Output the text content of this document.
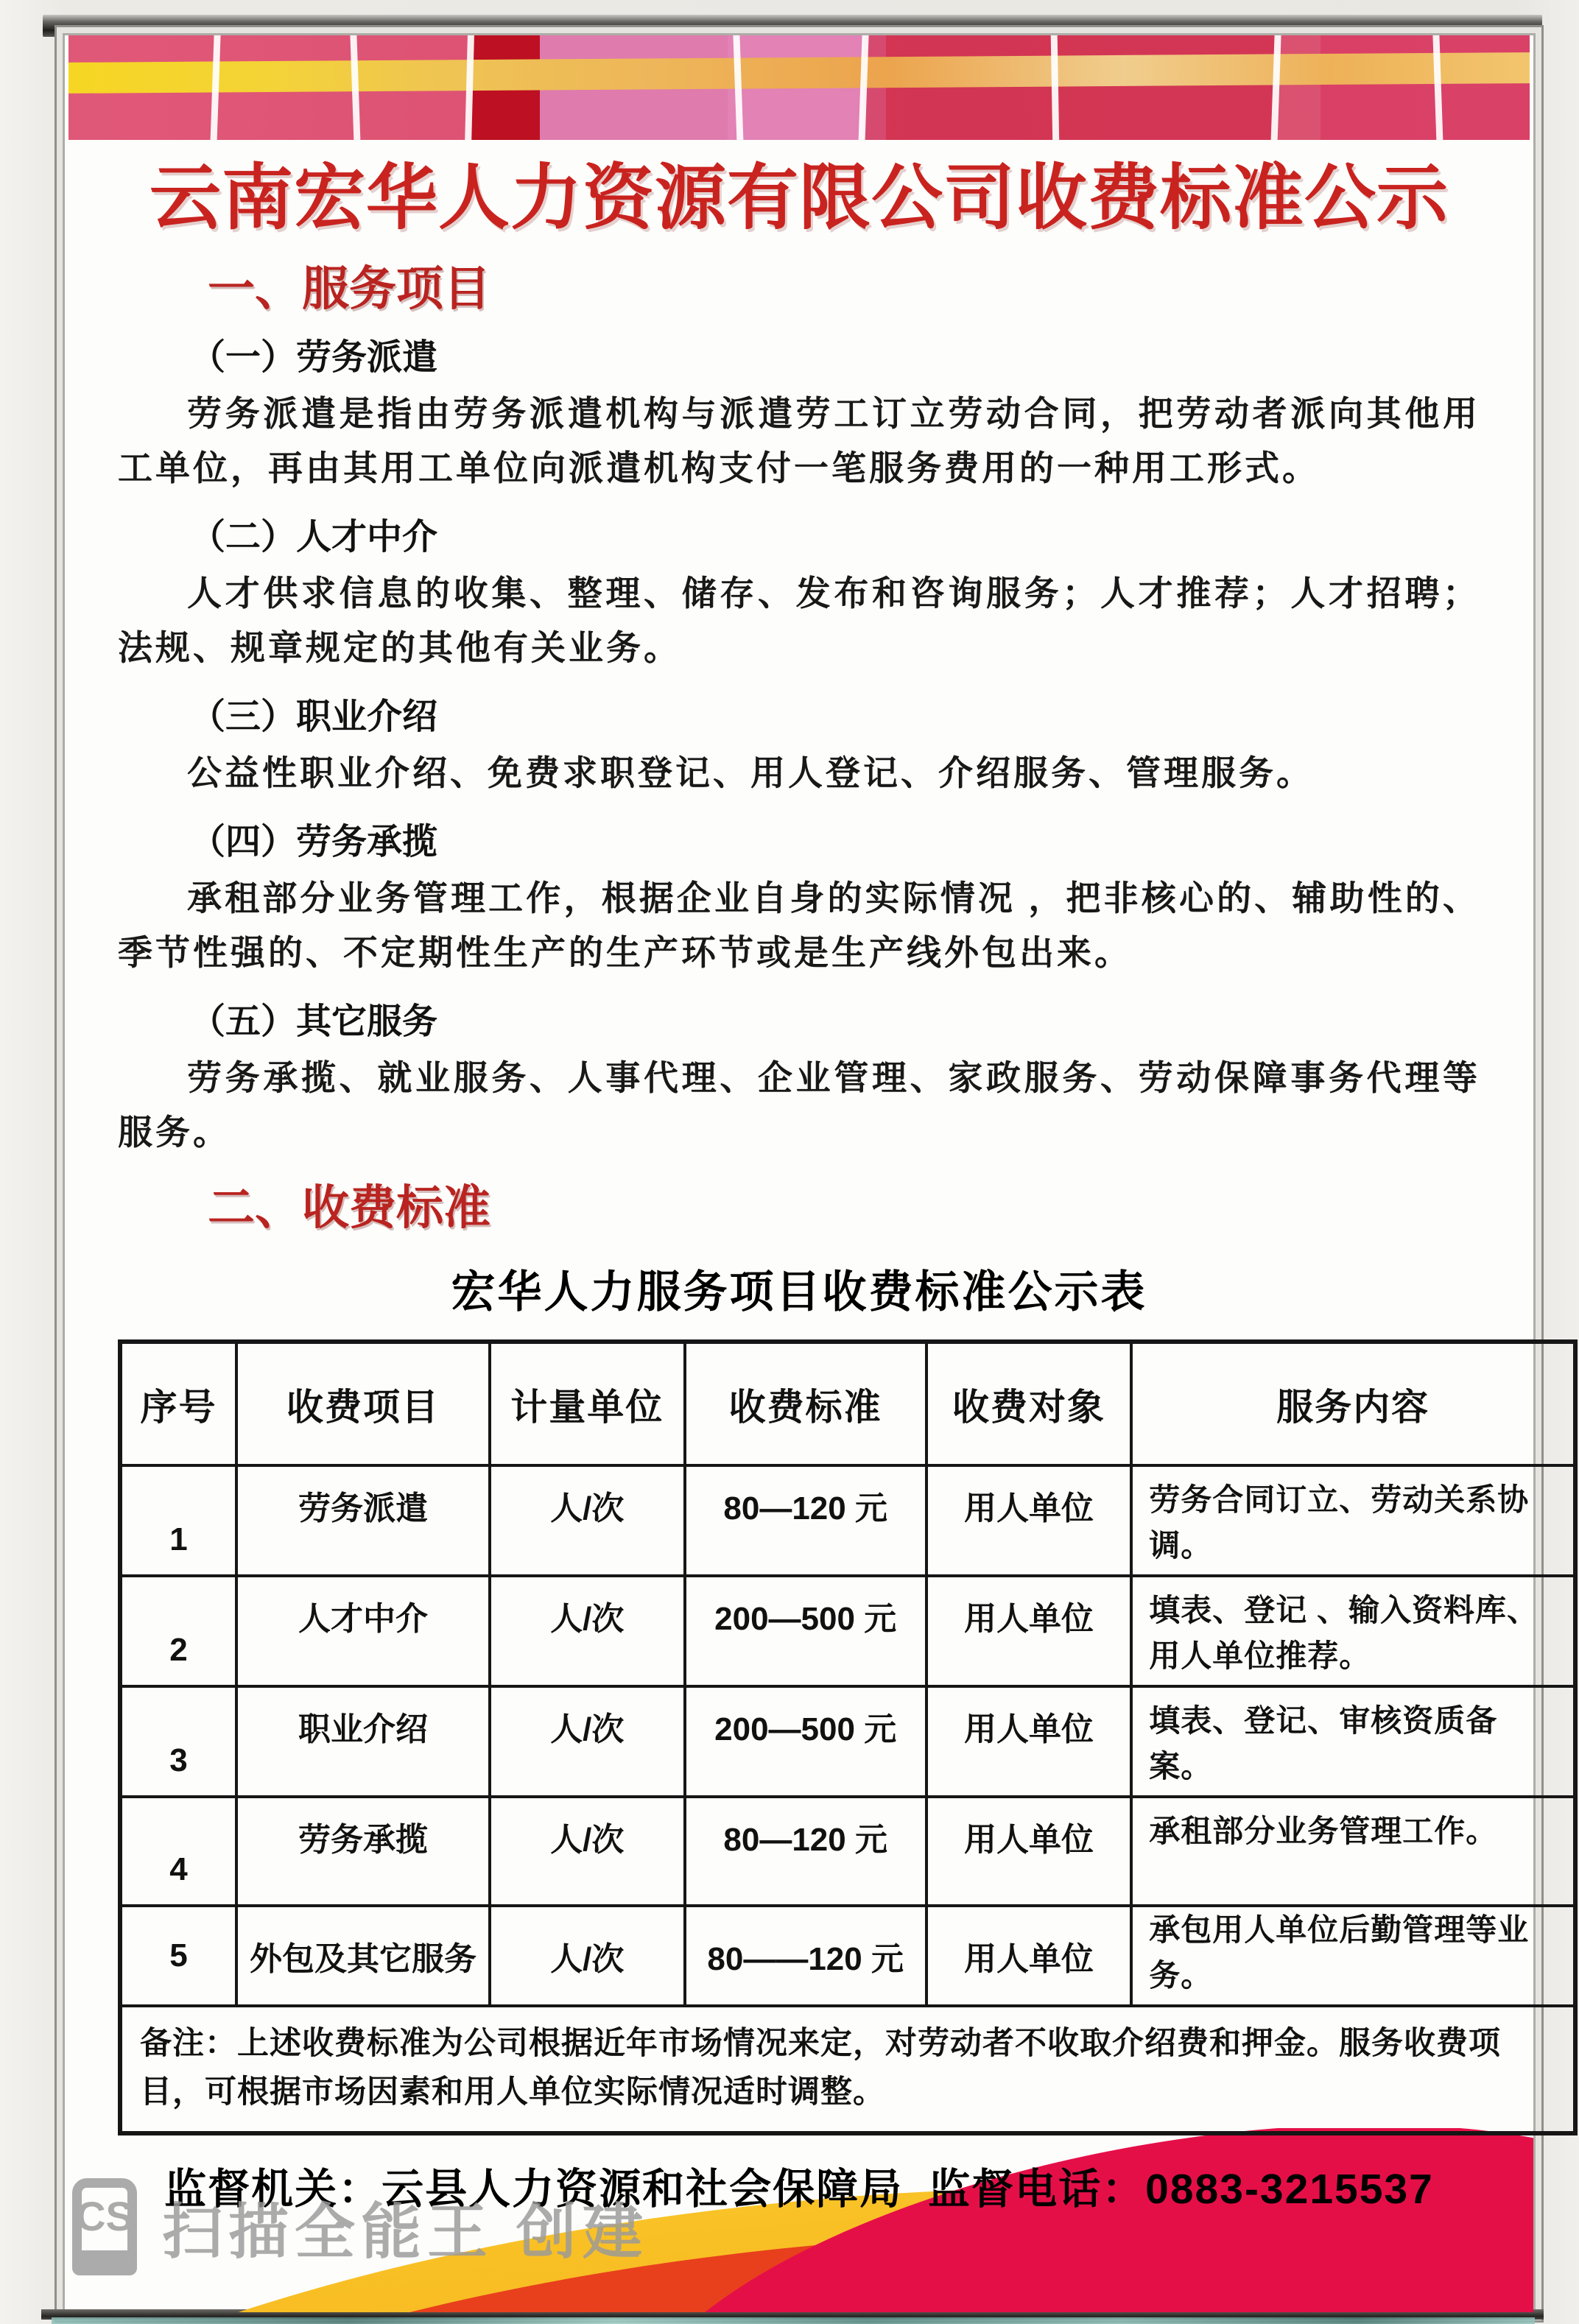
云南宏华人力资源有限公司收费标准公示
一、服务项目
（一）劳务派遣

劳务派遣是指由劳务派遣机构与派遣劳工订立劳动合同，把劳动者派向其他用工单位，再由其用工单位向派遣机构支付一笔服务费用的一种用工形式。

（二）人才中介

人才供求信息的收集、整理、储存、发布和咨询服务；人才推荐；人才招聘；法规、规章规定的其他有关业务。

（三）职业介绍

公益性职业介绍、免费求职登记、用人登记、介绍服务、管理服务。

（四）劳务承揽

承租部分业务管理工作，根据企业自身的实际情况 ，把非核心的、辅助性的、季节性强的、不定期性生产的生产环节或是生产线外包出来。

（五）其它服务

劳务承揽、就业服务、人事代理、企业管理、家政服务、劳动保障事务代理等服务。

二、收费标准
宏华人力服务项目收费标准公示表
序号	收费项目	计量单位	收费标准	收费对象	服务内容
1	劳务派遣	人/次	80—120 元	用人单位	劳务合同订立、劳动关系协调。
2	人才中介	人/次	200—500 元	用人单位	填表、登记 、输入资料库、用人单位推荐。
3	职业介绍	人/次	200—500 元	用人单位	填表、登记、审核资质备案。
4	劳务承揽	人/次	80—120 元	用人单位	承租部分业务管理工作。
5	外包及其它服务	人/次	80——120 元	用人单位	承包用人单位后勤管理等业务。
备注：上述收费标准为公司根据近年市场情况来定，对劳动者不收取介绍费和押金。服务收费项目，可根据市场因素和用人单位实际情况适时调整。					
监督机关：云县人力资源和社会保障局 监督电话：0883-3215537
CS 扫描全能王 创建
